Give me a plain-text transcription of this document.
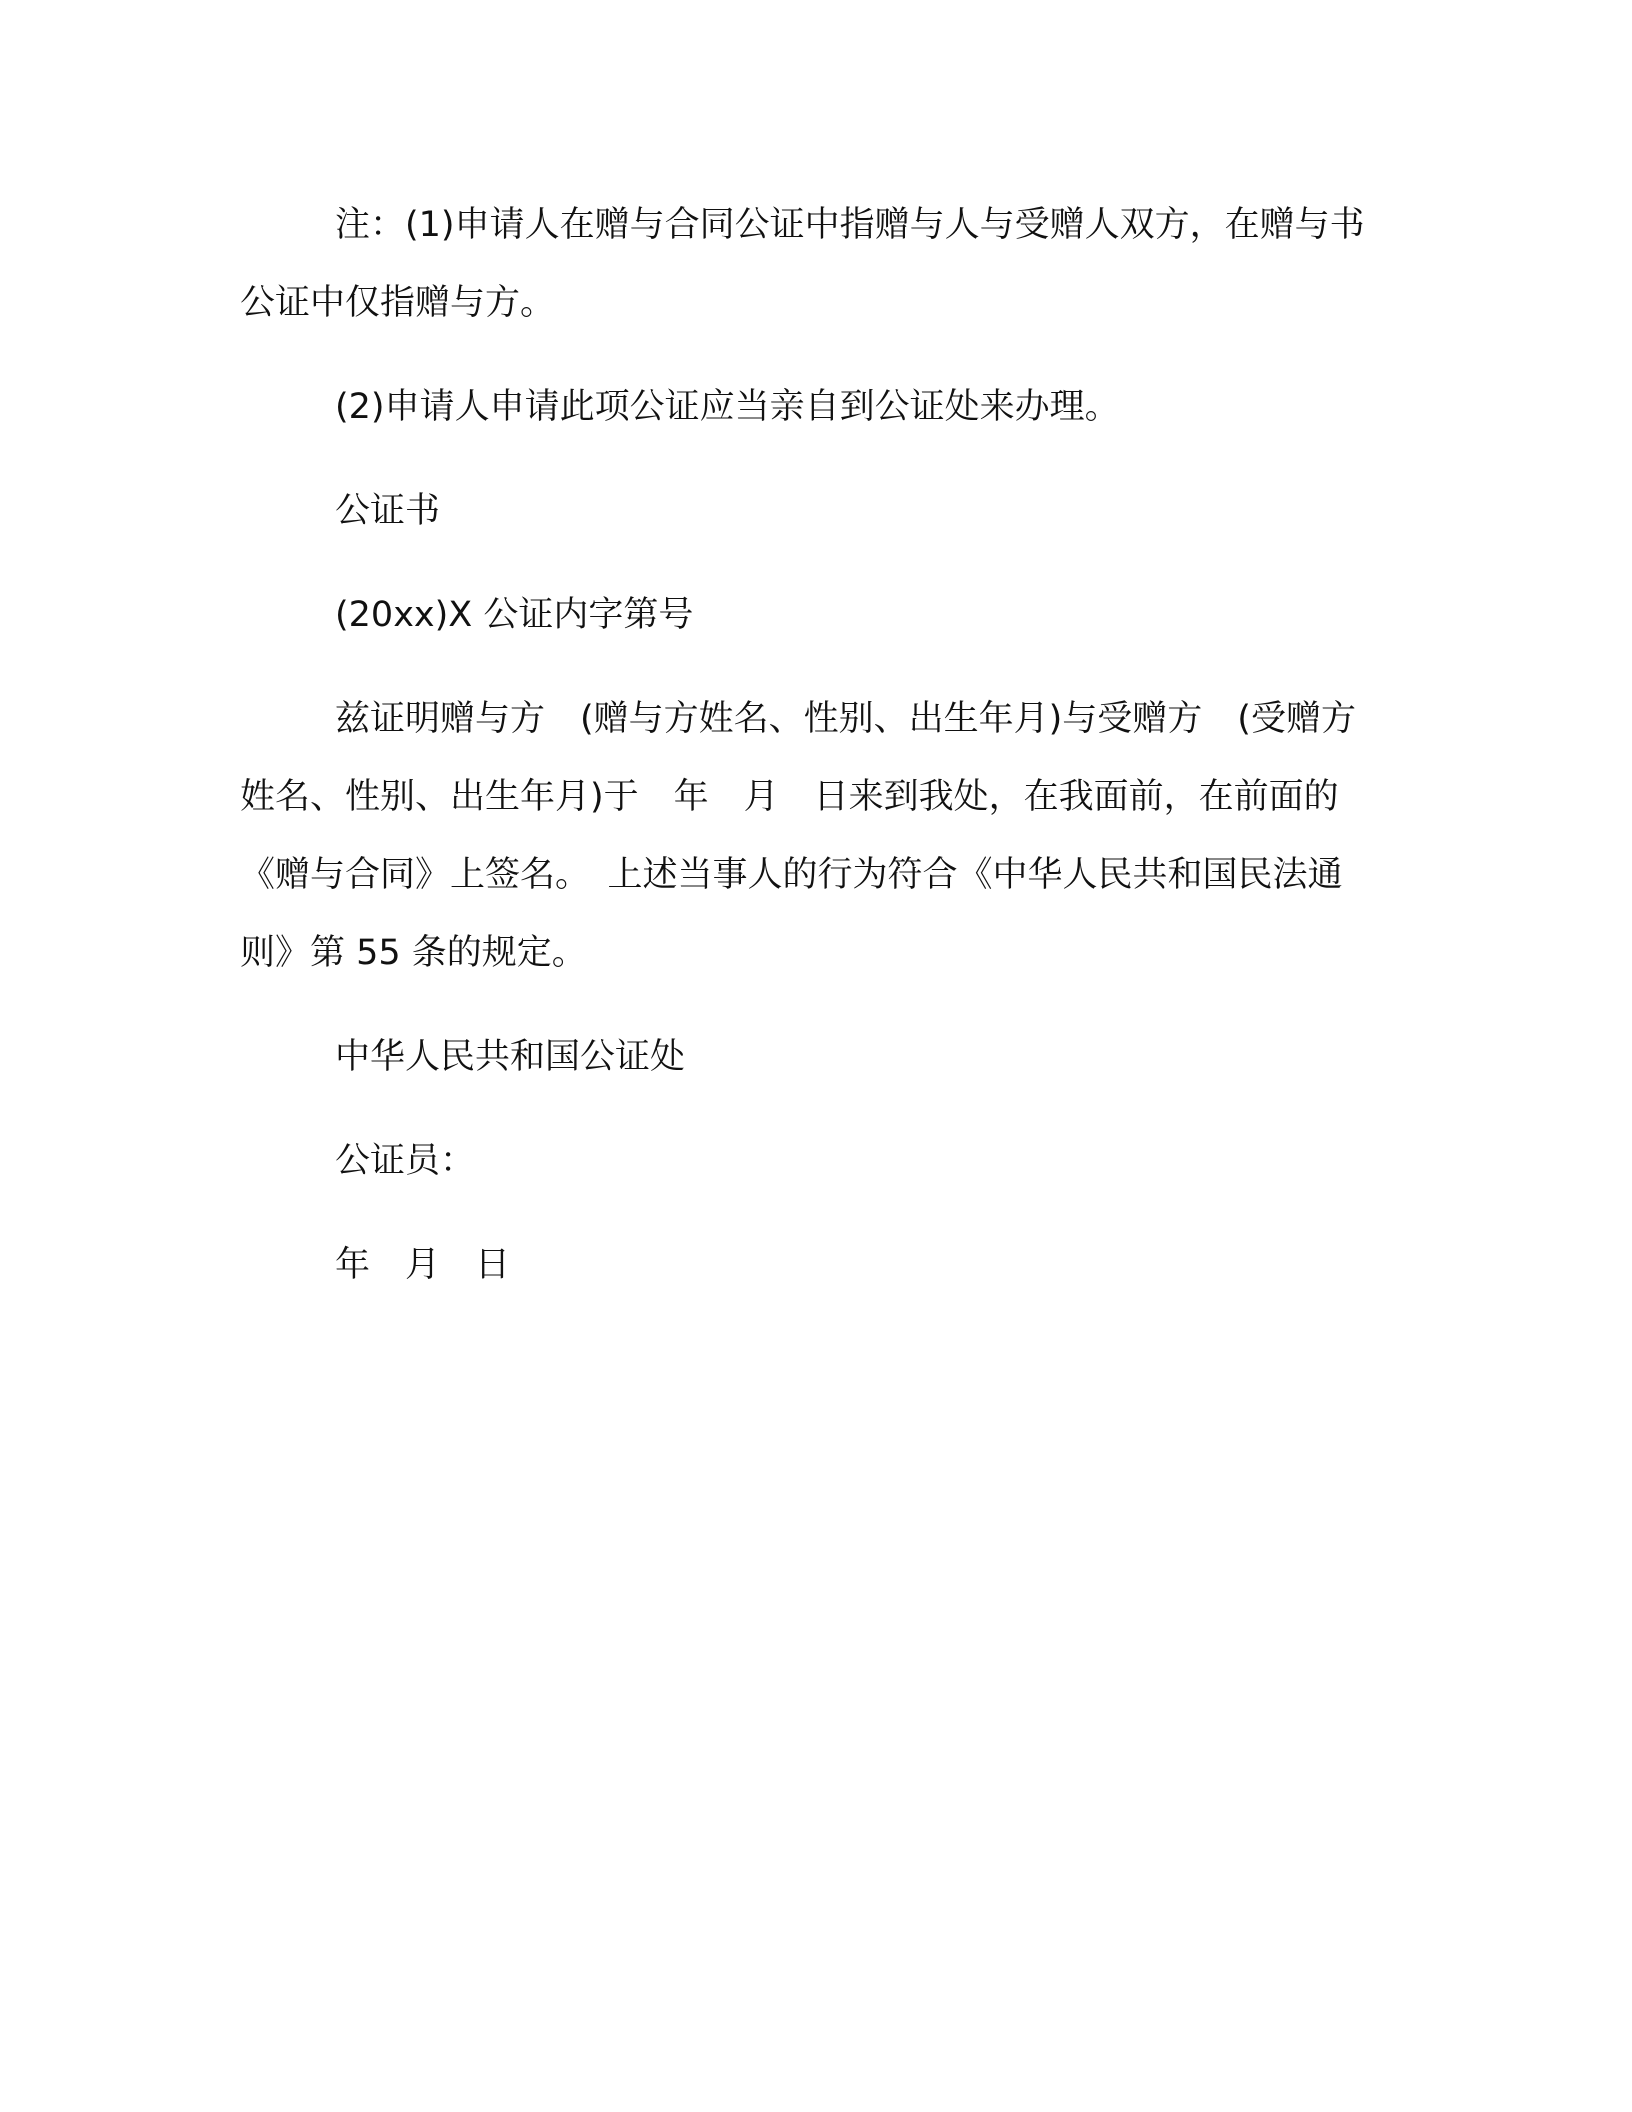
注：(1)申请人在赠与合同公证中指赠与人与受赠人双方，在赠与书公证中仅指赠与方。

(2)申请人申请此项公证应当亲自到公证处来办理。

公证书

(20xx)X 公证内字第号

兹证明赠与方　(赠与方姓名、性别、出生年月)与受赠方　(受赠方姓名、性别、出生年月)于　年　月　日来到我处，在我面前，在前面的《赠与合同》上签名。　上述当事人的行为符合《中华人民共和国民法通则》第 55 条的规定。

中华人民共和国公证处

公证员：

年　月　日
